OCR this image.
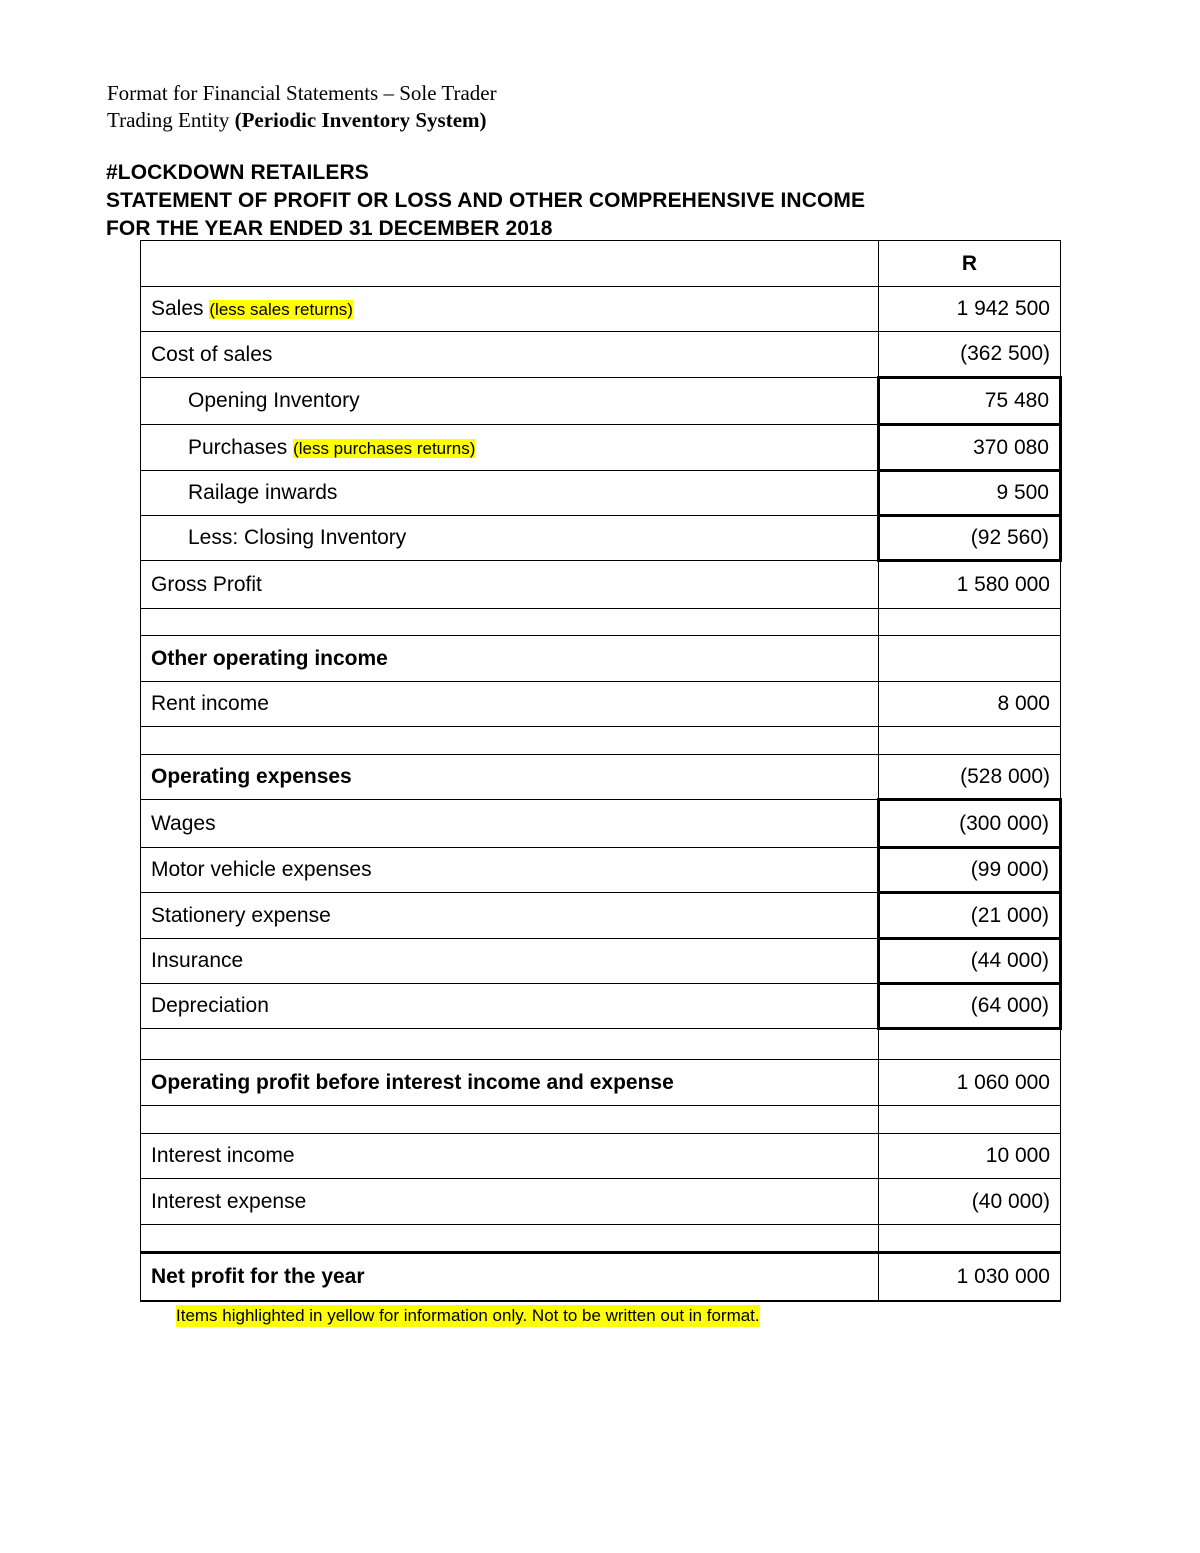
Format for Financial Statements – Sole Trader
Trading Entity (Periodic Inventory System)
#LOCKDOWN RETAILERS
STATEMENT OF PROFIT OR LOSS AND OTHER COMPREHENSIVE INCOME
FOR THE YEAR ENDED 31 DECEMBER 2018
	R
Sales (less sales returns)	1 942 500
Cost of sales	(362 500)
Opening Inventory	75 480
Purchases (less purchases returns)	370 080
Railage inwards	9 500
Less: Closing Inventory	(92 560)
Gross Profit	1 580 000

Other operating income	
Rent income	8 000

Operating expenses	(528 000)
Wages	(300 000)
Motor vehicle expenses	(99 000)
Stationery expense	(21 000)
Insurance	(44 000)
Depreciation	(64 000)

Operating profit before interest income and expense	1 060 000

Interest income	10 000
Interest expense	(40 000)

Net profit for the year	1 030 000
Items highlighted in yellow for information only. Not to be written out in format.
